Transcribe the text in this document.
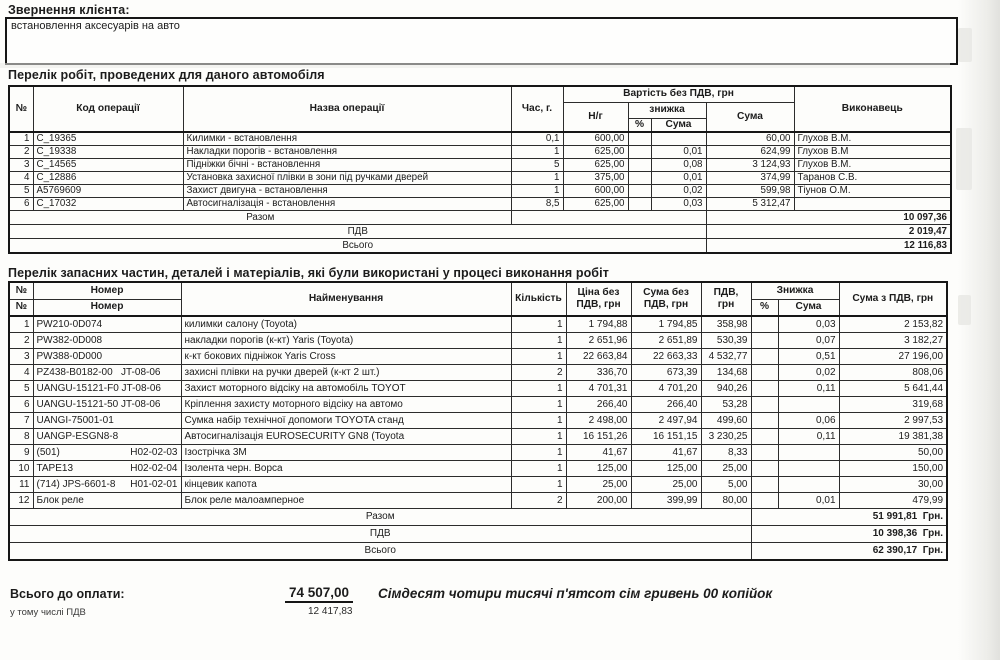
Звернення клієнта:
встановлення аксесуарів на авто
Перелік робіт, проведених для даного автомобіля
№	Код операції	Назва операції	Час, г.	Вартість без ПДВ, грн				Виконавець
				Н/г	знижка		Сума	
					%	Сума		
1	C_19365	Килимки - встановлення	0,1	600,00			60,00	Глухов В.М.
2	C_19338	Накладки порогів - встановлення	1	625,00		0,01	624,99	Глухов В.М
3	C_14565	Підніжки бічні - встановлення	5	625,00		0,08	3 124,93	Глухов В.М.
4	C_12886	Установка захисної плівки в зони під ручками дверей	1	375,00		0,01	374,99	Таранов С.В.
5	A5769609	Захист двигуна - встановлення	1	600,00		0,02	599,98	Тіунов О.М.
6	C_17032	Автосигналізація - встановлення	8,5	625,00		0,03	5 312,47	
Разом							10 097,36	
ПДВ							2 019,47	
Всього							12 116,83	
Перелік запасних частин, деталей і матеріалів, які були використані у процесі виконання робіт
№	Номер	Найменування	Кількість	Ціна без ПДВ, грн	Сума без ПДВ, грн	ПДВ, грн	Знижка		Сума з ПДВ, грн
№	Номер						%	Сума	
1	PW210-0D074	килимки салону (Toyota)	1	1 794,88	1 794,85	358,98		0,03	2 153,82
2	PW382-0D008	накладки порогів (к-кт) Yaris (Toyota)	1	2 651,96	2 651,89	530,39		0,07	3 182,27
3	PW388-0D000	к-кт бокових підніжок Yaris Cross	1	22 663,84	22 663,33	4 532,77		0,51	27 196,00
4	PZ438-B0182-00   JT-08-06	захисні плівки на ручки дверей (к-кт 2 шт.)	2	336,70	673,39	134,68		0,02	808,06
5	UANGU-15121-F0 JT-08-06	Захист моторного відсіку на автомобіль TOYOT	1	4 701,31	4 701,20	940,26		0,11	5 641,44
6	UANGU-15121-50 JT-08-06	Кріплення захисту моторного відсіку на автомо	1	266,40	266,40	53,28			319,68
7	UANGI-75001-01	Сумка набір технічної допомоги TOYOTA станд	1	2 498,00	2 497,94	499,60		0,06	2 997,53
8	UANGP-ESGN8-8	Автосигналізація EUROSECURITY GN8 (Toyota	1	16 151,26	16 151,15	3 230,25		0,11	19 381,38
9	(501) H02-02-03	Ізострічка 3М	1	41,67	41,67	8,33			50,00
10	TAPE13 H02-02-04	Ізолента черн. Ворса	1	125,00	125,00	25,00			150,00
11	(714) JPS-6601-8 H01-02-01	кінцевик капота	1	25,00	25,00	5,00			30,00
12	Блок реле	Блок реле малоамперное	2	200,00	399,99	80,00		0,01	479,99
Разом							51 991,81  Грн.		
ПДВ							10 398,36  Грн.		
Всього							62 390,17  Грн.		
Всього до оплати:	74 507,00 Сімдесят чотири тисячі п'ятсот сім гривень 00 копійок
у тому числі ПДВ	12 417,83
